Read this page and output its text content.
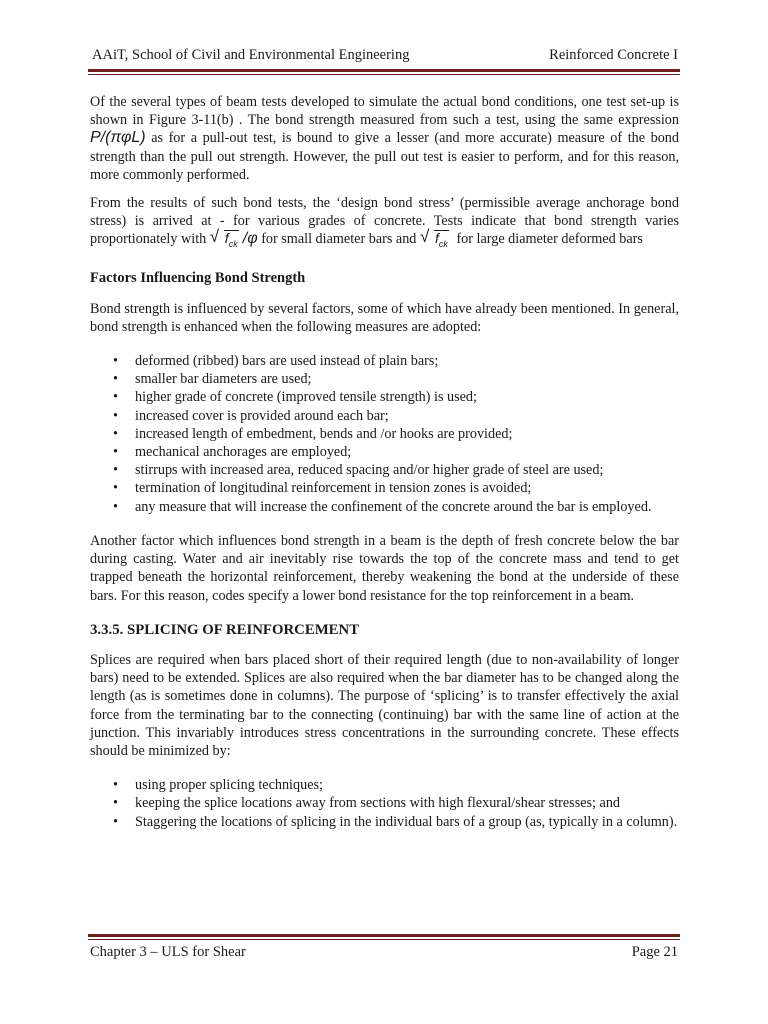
AAiT, School of Civil and Environmental Engineering	Reinforced Concrete I

Of the several types of beam tests developed to simulate the actual bond conditions, one test set-up is shown in Figure 3-11(b) . The bond strength measured from such a test, using the same expression P/(πφL) as for a pull-out test, is bound to give a lesser (and more accurate) measure of the bond strength than the pull out strength. However, the pull out test is easier to perform, and for this reason, more commonly performed.

From the results of such bond tests, the ‘design bond stress’ (permissible average anchorage bond stress) is arrived at - for various grades of concrete. Tests indicate that bond strength varies proportionately with √ $f_{ck}$ /φ for small diameter bars and √ $f_{ck}$ for large diameter deformed bars

Factors Influencing Bond Strength

Bond strength is influenced by several factors, some of which have already been mentioned. In general, bond strength is enhanced when the following measures are adopted:

• deformed (ribbed) bars are used instead of plain bars;
• smaller bar diameters are used;
• higher grade of concrete (improved tensile strength) is used;
• increased cover is provided around each bar;
• increased length of embedment, bends and /or hooks are provided;
• mechanical anchorages are employed;
• stirrups with increased area, reduced spacing and/or higher grade of steel are used;
• termination of longitudinal reinforcement in tension zones is avoided;
• any measure that will increase the confinement of the concrete around the bar is employed.

Another factor which influences bond strength in a beam is the depth of fresh concrete below the bar during casting. Water and air inevitably rise towards the top of the concrete mass and tend to get trapped beneath the horizontal reinforcement, thereby weakening the bond at the underside of these bars. For this reason, codes specify a lower bond resistance for the top reinforcement in a beam.

3.3.5. SPLICING OF REINFORCEMENT

Splices are required when bars placed short of their required length (due to non-availability of longer bars) need to be extended. Splices are also required when the bar diameter has to be changed along the length (as is sometimes done in columns). The purpose of ‘splicing’ is to transfer effectively the axial force from the terminating bar to the connecting (continuing) bar with the same line of action at the junction. This invariably introduces stress concentrations in the surrounding concrete. These effects should be minimized by:

• using proper splicing techniques;
• keeping the splice locations away from sections with high flexural/shear stresses; and
• Staggering the locations of splicing in the individual bars of a group (as, typically in a column).
Chapter 3 – ULS for Shear	Page 21
